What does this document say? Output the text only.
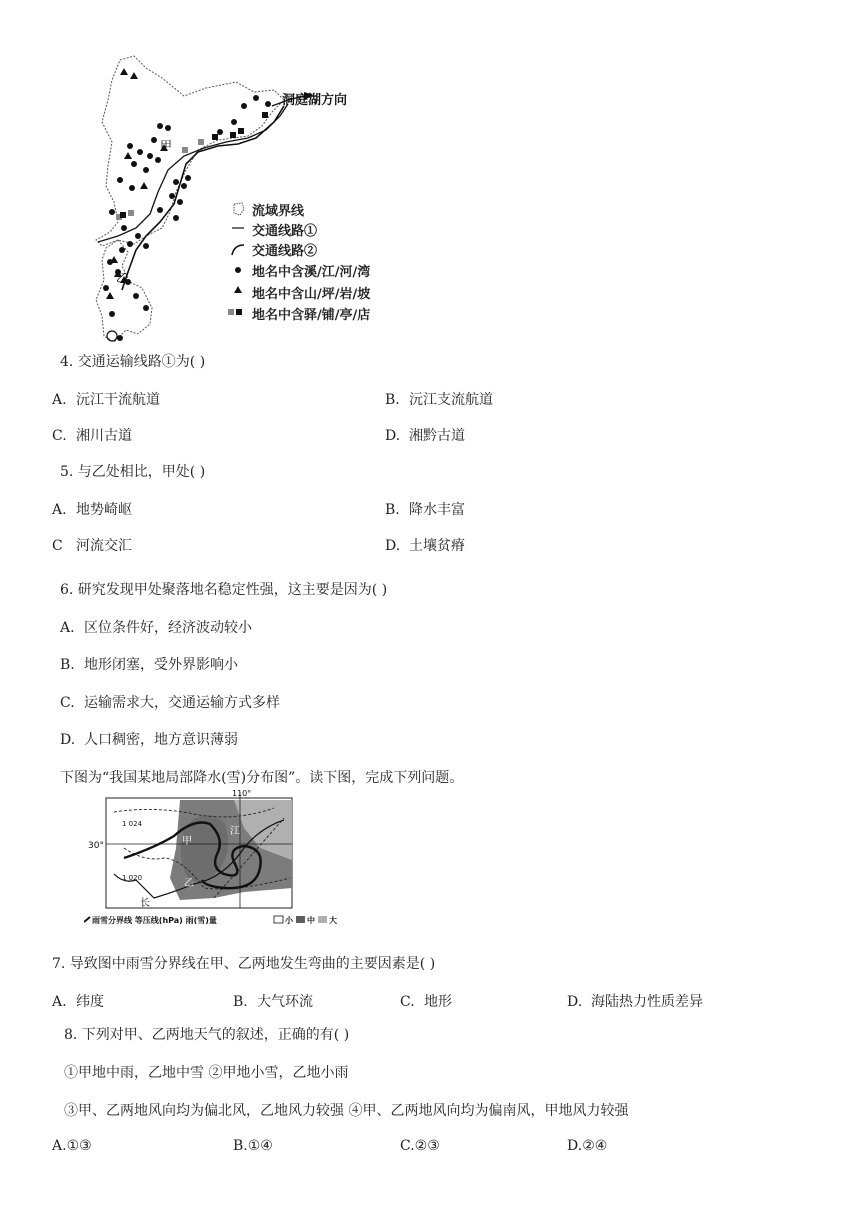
洞庭湖方向
甲
乙
流域界线
交通线路①
交通线路②
地名中含溪/江/河/湾
地名中含山/坪/岩/坡
地名中含驿/铺/亭/店
4. 交通运输线路①为( )
A. 沅江干流航道	B. 沅江支流航道
C. 湘川古道	D. 湘黔古道
5. 与乙处相比，甲处( )
A. 地势崎岖	B. 降水丰富
C 河流交汇	D. 土壤贫瘠
6. 研究发现甲处聚落地名稳定性强，这主要是因为( )
A. 区位条件好，经济波动较小
B. 地形闭塞，受外界影响小
C. 运输需求大，交通运输方式多样
D. 人口稠密，地方意识薄弱
下图为“我国某地局部降水(雪)分布图”。读下图，完成下列问题。
110°
30°
1 024
1 020
甲
乙
江
长
雨雪分界线 等压线(hPa) 雨(雪)量	小 中 大
7. 导致图中雨雪分界线在甲、乙两地发生弯曲的主要因素是( )
A. 纬度	B. 大气环流	C. 地形	D. 海陆热力性质差异
8. 下列对甲、乙两地天气的叙述，正确的有( )
①甲地中雨，乙地中雪 ②甲地小雪，乙地小雨
③甲、乙两地风向均为偏北风，乙地风力较强 ④甲、乙两地风向均为偏南风，甲地风力较强
A.①③	B.①④	C.②③	D.②④
